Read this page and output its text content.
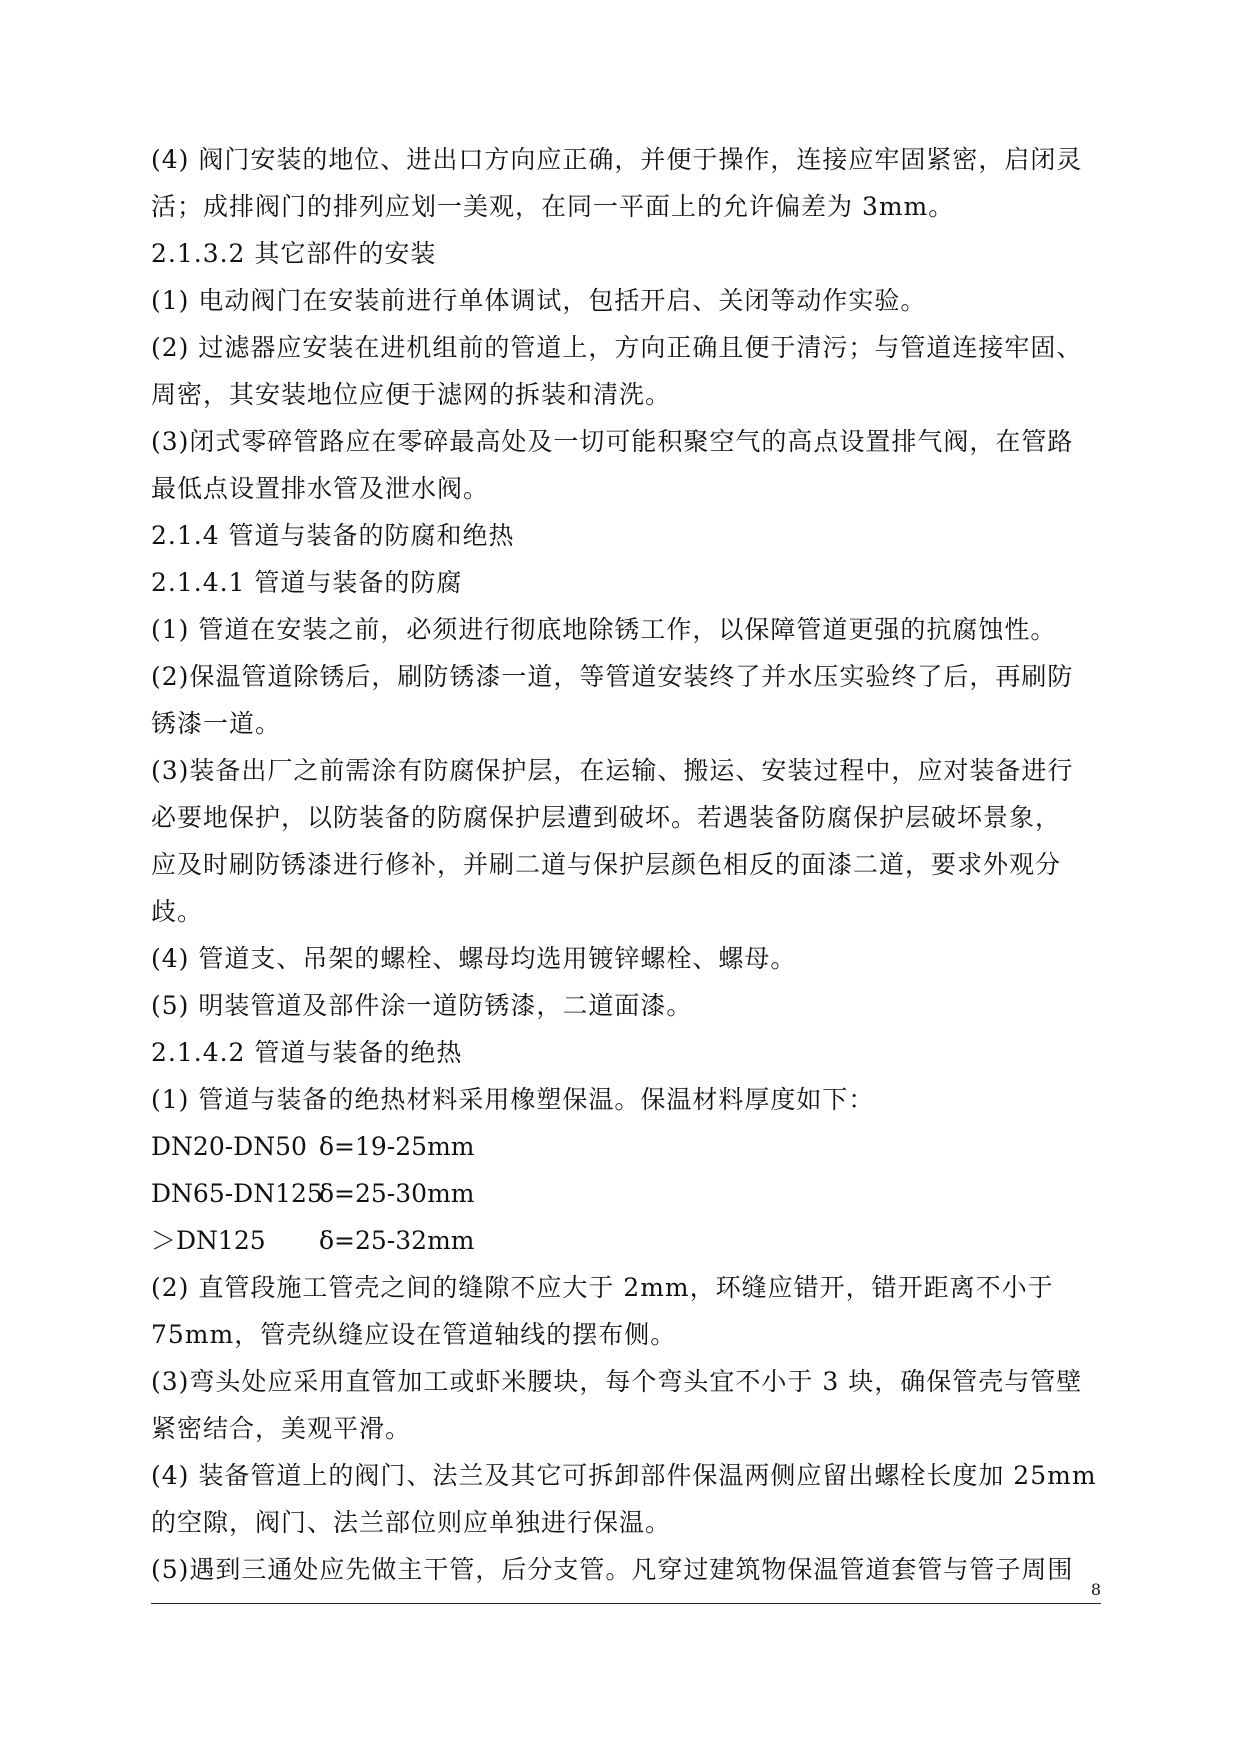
(4) 阀门安装的地位、进出口方向应正确，并便于操作，连接应牢固紧密，启闭灵
活；成排阀门的排列应划一美观，在同一平面上的允许偏差为 3mm。
2.1.3.2 其它部件的安装
(1) 电动阀门在安装前进行单体调试，包括开启、关闭等动作实验。
(2) 过滤器应安装在进机组前的管道上，方向正确且便于清污；与管道连接牢固、
周密，其安装地位应便于滤网的拆装和清洗。
(3)闭式零碎管路应在零碎最高处及一切可能积聚空气的高点设置排气阀，在管路
最低点设置排水管及泄水阀。
2.1.4 管道与装备的防腐和绝热
2.1.4.1 管道与装备的防腐
(1) 管道在安装之前，必须进行彻底地除锈工作，以保障管道更强的抗腐蚀性。
(2)保温管道除锈后，刷防锈漆一道，等管道安装终了并水压实验终了后，再刷防
锈漆一道。
(3)装备出厂之前需涂有防腐保护层，在运输、搬运、安装过程中，应对装备进行
必要地保护，以防装备的防腐保护层遭到破坏。若遇装备防腐保护层破坏景象，
应及时刷防锈漆进行修补，并刷二道与保护层颜色相反的面漆二道，要求外观分
歧。
(4) 管道支、吊架的螺栓、螺母均选用镀锌螺栓、螺母。
(5) 明装管道及部件涂一道防锈漆，二道面漆。
2.1.4.2 管道与装备的绝热
(1) 管道与装备的绝热材料采用橡塑保温。保温材料厚度如下：
DN20-DN50 δ=19-25mm
DN65-DN125
δ=25-30mm
＞DN125	δ=25-32mm
(2) 直管段施工管壳之间的缝隙不应大于 2mm，环缝应错开，错开距离不小于
75mm，管壳纵缝应设在管道轴线的摆布侧。
(3)弯头处应采用直管加工或虾米腰块，每个弯头宜不小于 3 块，确保管壳与管壁
紧密结合，美观平滑。
(4) 装备管道上的阀门、法兰及其它可拆卸部件保温两侧应留出螺栓长度加 25mm
的空隙，阀门、法兰部位则应单独进行保温。
(5)遇到三通处应先做主干管，后分支管。凡穿过建筑物保温管道套管与管子周围
8
